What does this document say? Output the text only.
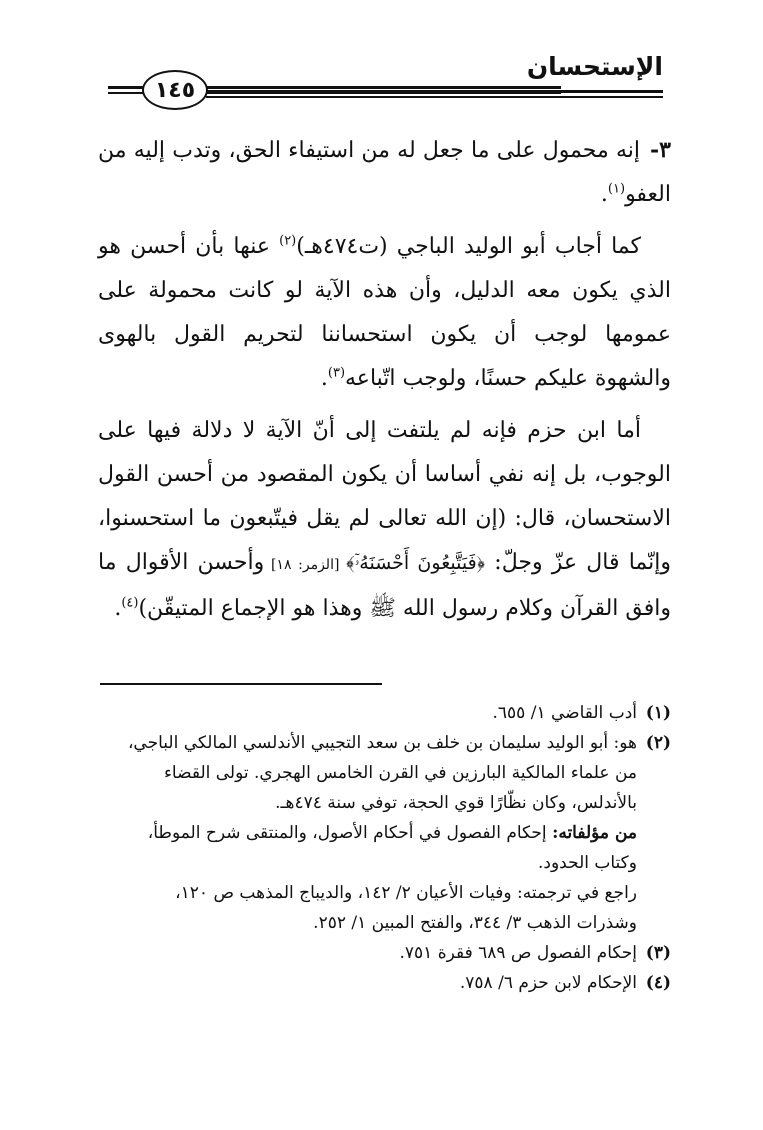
الإستحسان
١٤٥

٣-إنه محمول على ما جعل له من استيفاء الحق، وتدب إليه من العفو$^{(١)}$.

كما أجاب أبو الوليد الباجي (ت٤٧٤هـ)$^{(٢)}$ عنها بأن أحسن هو الذي يكون معه الدليل، وأن هذه الآية لو كانت محمولة على عمومها لوجب أن يكون استحساننا لتحريم القول بالهوى والشهوة عليكم حسنًا، ولوجب اتّباعه$^{(٣)}$.

أما ابن حزم فإنه لم يلتفت إلى أنّ الآية لا دلالة فيها على الوجوب، بل إنه نفي أساسا أن يكون المقصود من أحسن القول الاستحسان، قال: (إن الله تعالى لم يقل فيتّبعون ما استحسنوا، وإنّما قال عزّ وجلّ: ﴿فَيَتَّبِعُونَ أَحْسَنَهُۥٓ﴾ [الزمر: ١٨] وأحسن الأقوال ما وافق القرآن وكلام رسول الله ﷺ وهذا هو الإجماع المتيقّن)$^{(٤)}$.

(١)
أدب القاضي ١/ ٦٥٥.
(٢)
هو: أبو الوليد سليمان بن خلف بن سعد التجيبي الأندلسي المالكي الباجي،
من علماء المالكية البارزين في القرن الخامس الهجري. تولى القضاء
بالأندلس، وكان نظّارًا قوي الحجة، توفي سنة ٤٧٤هـ.
من مؤلفاته: إحكام الفصول في أحكام الأصول، والمنتقى شرح الموطأ،
وكتاب الحدود.
راجع في ترجمته: وفيات الأعيان ٢/ ١٤٢، والديباج المذهب ص ١٢٠،
وشذرات الذهب ٣/ ٣٤٤، والفتح المبين ١/ ٢٥٢.
(٣)
إحكام الفصول ص ٦٨٩ فقرة ٧٥١.
(٤)
الإحكام لابن حزم ٦/ ٧٥٨.
